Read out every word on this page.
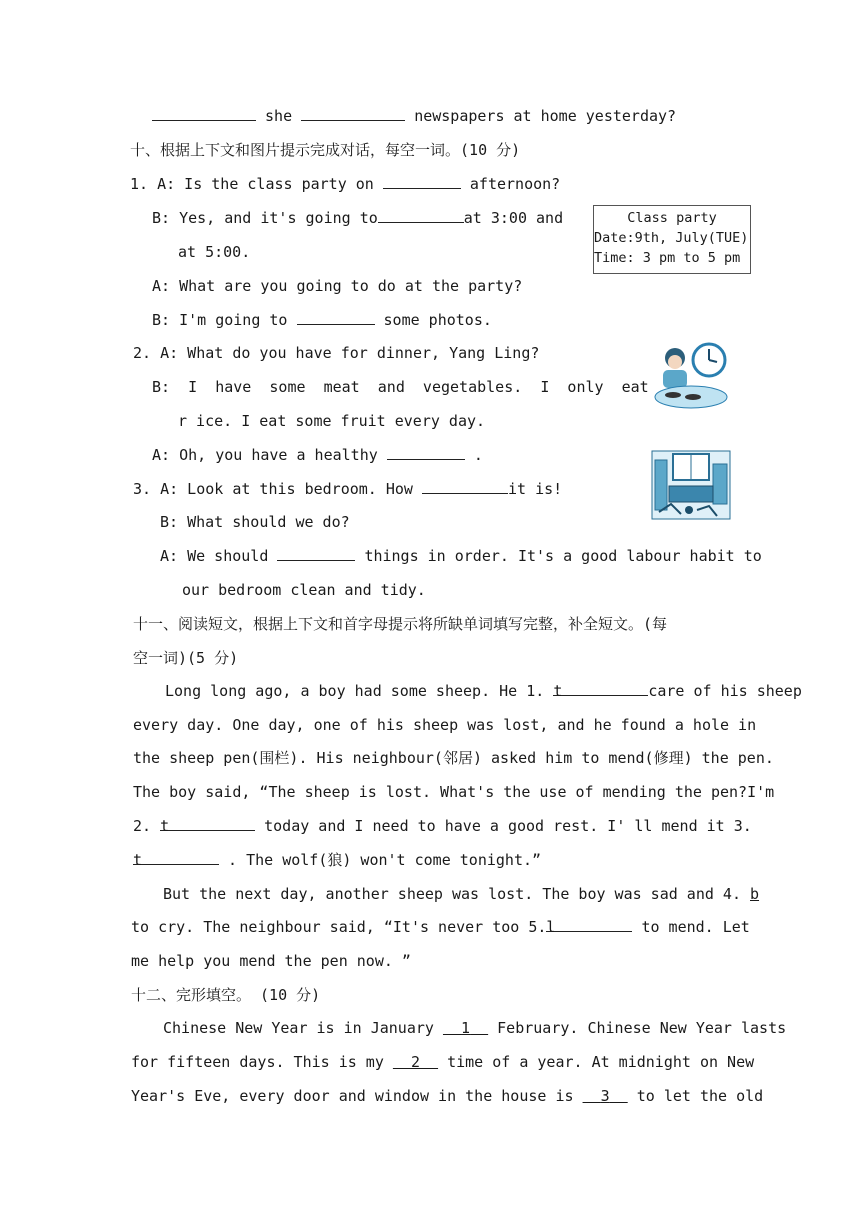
she	newspapers at home yesterday?
十、根据上下文和图片提示完成对话，每空一词。(10 分)
1. A: Is the class party on	afternoon?
B: Yes, and it's going to	at 3:00 and
at 5:00.
A: What are you going to do at the party?
B: I'm going to	some photos.
Class party
Date:9th, July(TUE)
Time: 3 pm to 5 pm
2. A: What do you have for dinner, Yang Ling?
B:  I  have  some  meat  and  vegetables.  I  only  eat
r ice. I eat some fruit every day.
A: Oh, you have a healthy	.
3. A: Look at this bedroom. How	it is!
B: What should we do?
A: We should	things in order. It's a good labour habit to
our bedroom clean and tidy.
十一、阅读短文，根据上下文和首字母提示将所缺单词填写完整，补全短文。(每
空一词)(5 分)
Long long ago, a boy had some sheep. He 1. t	care of his sheep
every day. One day, one of his sheep was lost, and he found a hole in
the sheep pen(围栏). His neighbour(邻居) asked him to mend(修理) the pen.
The boy said, “The sheep is lost. What's the use of mending the pen?I'm
2. t	today and I need to have a good rest. I' ll mend it 3.
t	. The wolf(狼) won't come tonight.”
But the next day, another sheep was lost. The boy was sad and 4. b
to cry. The neighbour said, “It's never too 5.l	to mend. Let
me help you mend the pen now. ”
十二、完形填空。 (10 分)
Chinese New Year is in January 1 February. Chinese New Year lasts
for fifteen days. This is my 2 time of a year. At midnight on New
Year's Eve, every door and window in the house is 3 to let the old
